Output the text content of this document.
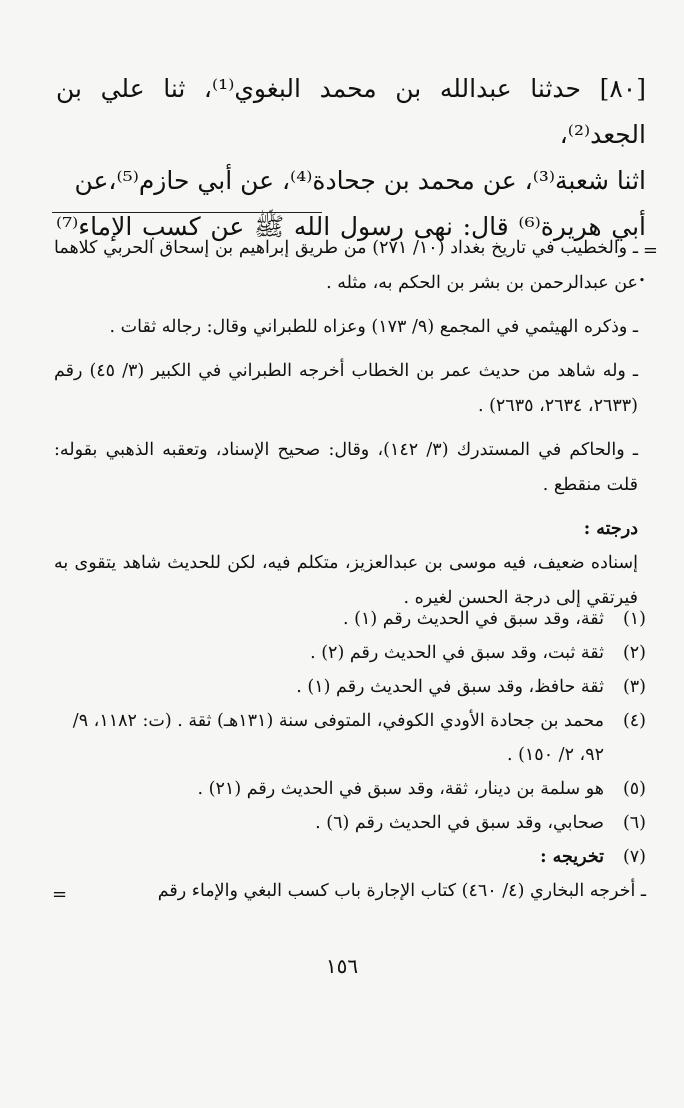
[٨٠] حدثنا عبدالله بن محمد البغوي⁽¹⁾، ثنا علي بن الجعد⁽²⁾،

اثنا شعبة⁽³⁾، عن محمد بن جحادة⁽⁴⁾، عن أبي حازم⁽⁵⁾،عن

أبي هريرة⁽⁶⁾ قال: نهى رسول الله ﷺ عن كسب الإماء⁽⁷⁾ .

=

ـ والخطيب في تاريخ بغداد (١٠/ ٢٧١) من طريق إبراهيم بن إسحاق الحربي كلاهما عن عبدالرحمن بن بشر بن الحكم به، مثله .

ـ وذكره الهيثمي في المجمع (٩/ ١٧٣) وعزاه للطبراني وقال: رجاله ثقات .

ـ وله شاهد من حديث عمر بن الخطاب أخرجه الطبراني في الكبير (٣/ ٤٥) رقم (٢٦٣٣، ٢٦٣٤، ٢٦٣٥) .

ـ والحاكم في المستدرك (٣/ ١٤٢)، وقال: صحيح الإسناد، وتعقبه الذهبي بقوله: قلت منقطع .

درجته :

إسناده ضعيف، فيه موسى بن عبدالعزيز، متكلم فيه، لكن للحديث شاهد يتقوى به فيرتقي إلى درجة الحسن لغيره .

(١)
ثقة، وقد سبق في الحديث رقم (١) .
(٢)
ثقة ثبت، وقد سبق في الحديث رقم (٢) .
(٣)
ثقة حافظ، وقد سبق في الحديث رقم (١) .
(٤)
محمد بن جحادة الأودي الكوفي، المتوفى سنة (١٣١هـ) ثقة . (ت: ١١٨٢، ٩/ ٩٢، ٢/ ١٥٠) .
(٥)
هو سلمة بن دينار، ثقة، وقد سبق في الحديث رقم (٢١) .
(٦)
صحابي، وقد سبق في الحديث رقم (٦) .
(٧)
تخريجه :

ـ أخرجه البخاري (٤/ ٤٦٠) كتاب الإجارة باب كسب البغي والإماء رقم

=
١٥٦
